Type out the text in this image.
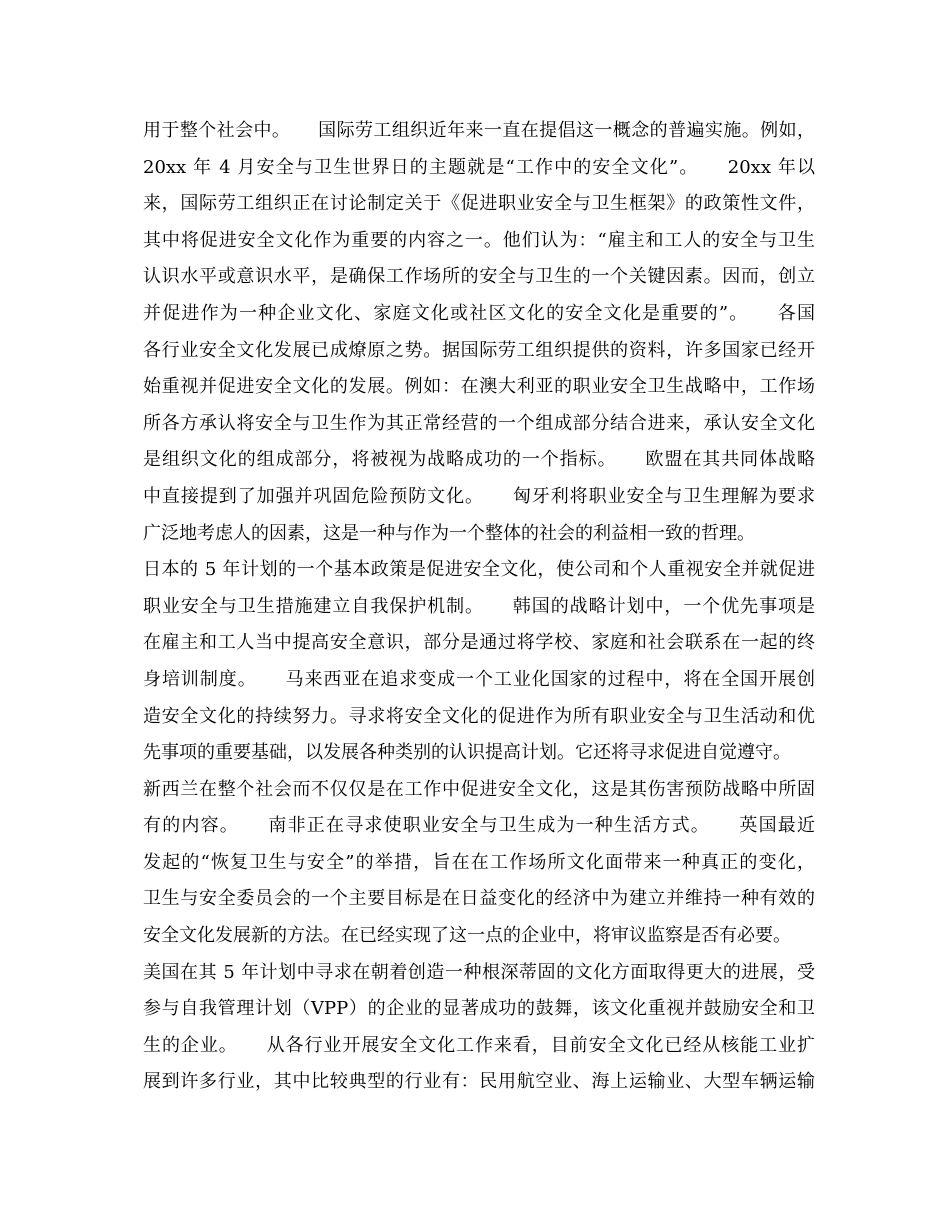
用于整个社会中。　　国际劳工组织近年来一直在提倡这一概念的普遍实施。例如，
20xx 年 4 月安全与卫生世界日的主题就是“工作中的安全文化”。　　20xx 年以
来，国际劳工组织正在讨论制定关于《促进职业安全与卫生框架》的政策性文件，
其中将促进安全文化作为重要的内容之一。他们认为：“雇主和工人的安全与卫生
认识水平或意识水平，是确保工作场所的安全与卫生的一个关键因素。因而，创立
并促进作为一种企业文化、家庭文化或社区文化的安全文化是重要的”。　　各国
各行业安全文化发展已成燎原之势。据国际劳工组织提供的资料，许多国家已经开
始重视并促进安全文化的发展。例如：在澳大利亚的职业安全卫生战略中，工作场
所各方承认将安全与卫生作为其正常经营的一个组成部分结合进来，承认安全文化
是组织文化的组成部分，将被视为战略成功的一个指标。　　欧盟在其共同体战略
中直接提到了加强并巩固危险预防文化。　　匈牙利将职业安全与卫生理解为要求
广泛地考虑人的因素，这是一种与作为一个整体的社会的利益相一致的哲理。
日本的 5 年计划的一个基本政策是促进安全文化，使公司和个人重视安全并就促进
职业安全与卫生措施建立自我保护机制。　　韩国的战略计划中，一个优先事项是
在雇主和工人当中提高安全意识，部分是通过将学校、家庭和社会联系在一起的终
身培训制度。　　马来西亚在追求变成一个工业化国家的过程中，将在全国开展创
造安全文化的持续努力。寻求将安全文化的促进作为所有职业安全与卫生活动和优
先事项的重要基础，以发展各种类别的认识提高计划。它还将寻求促进自觉遵守。
新西兰在整个社会而不仅仅是在工作中促进安全文化，这是其伤害预防战略中所固
有的内容。　　南非正在寻求使职业安全与卫生成为一种生活方式。　　英国最近
发起的“恢复卫生与安全”的举措，旨在在工作场所文化面带来一种真正的变化，
卫生与安全委员会的一个主要目标是在日益变化的经济中为建立并维持一种有效的
安全文化发展新的方法。在已经实现了这一点的企业中，将审议监察是否有必要。
美国在其 5 年计划中寻求在朝着创造一种根深蒂固的文化方面取得更大的进展，受
参与自我管理计划（VPP）的企业的显著成功的鼓舞，该文化重视并鼓励安全和卫
生的企业。　　从各行业开展安全文化工作来看，目前安全文化已经从核能工业扩
展到许多行业，其中比较典型的行业有：民用航空业、海上运输业、大型车辆运输
